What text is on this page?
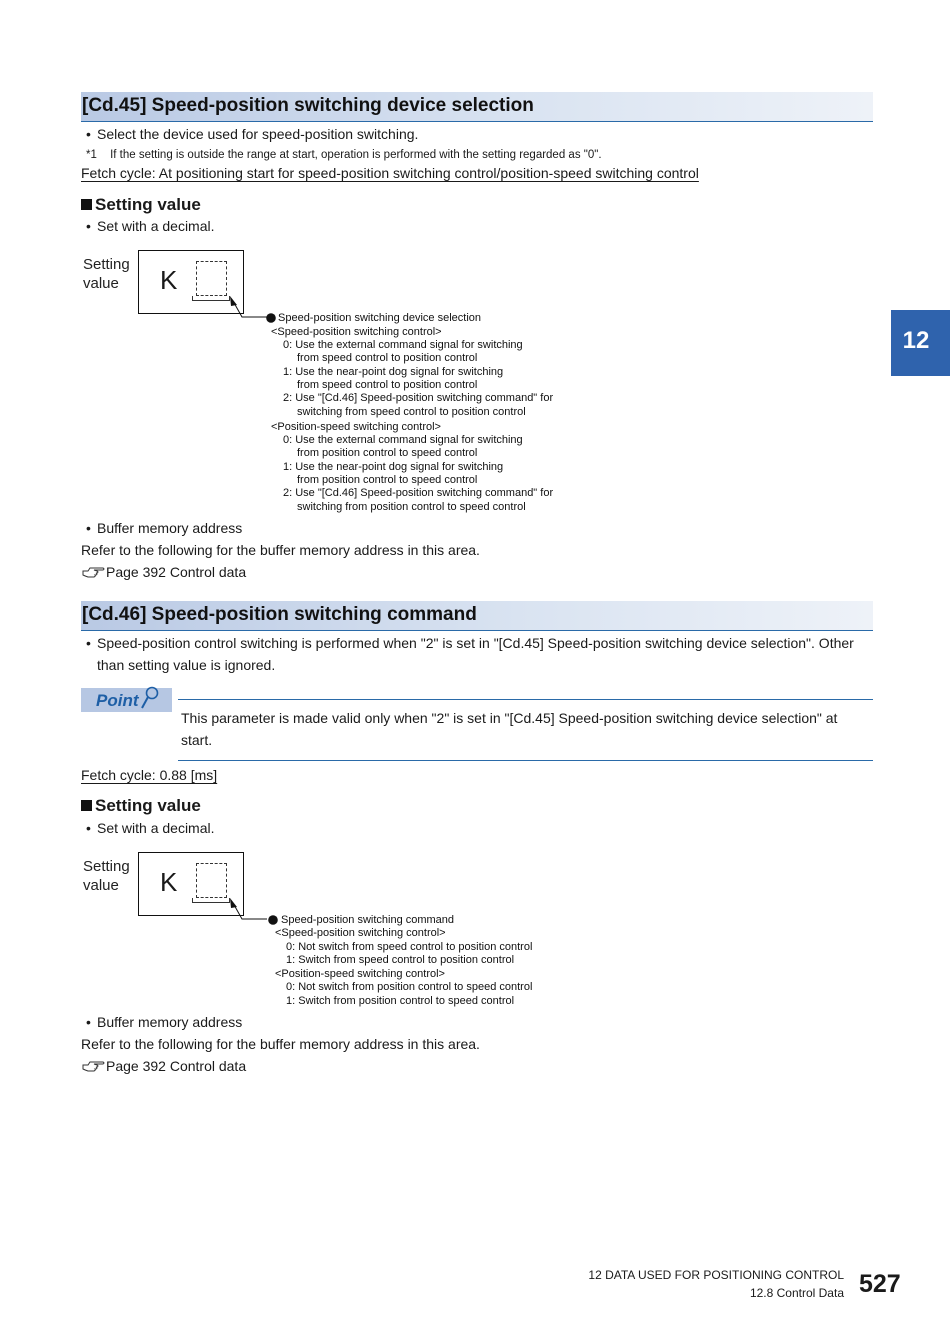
12
[Cd.45] Speed-position switching device selection
• Select the device used for speed-position switching.
*1 If the setting is outside the range at start, operation is performed with the setting regarded as "0".
Fetch cycle: At positioning start for speed-position switching control/position-speed switching control
Setting value
• Set with a decimal.
Setting
value	K
Speed-position switching device selection
<Speed-position switching control>
0: Use the external command signal for switching
from speed control to position control
1: Use the near-point dog signal for switching
from speed control to position control
2: Use "[Cd.46] Speed-position switching command" for
switching from speed control to position control
<Position-speed switching control>
0: Use the external command signal for switching
from position control to speed control
1: Use the near-point dog signal for switching
from position control to speed control
2: Use "[Cd.46] Speed-position switching command" for
switching from position control to speed control
• Buffer memory address
Refer to the following for the buffer memory address in this area.
Page 392 Control data
[Cd.46] Speed-position switching command
• Speed-position control switching is performed when "2" is set in "[Cd.45] Speed-position switching device selection". Other
than setting value is ignored.
Point
This parameter is made valid only when "2" is set in "[Cd.45] Speed-position switching device selection" at
start.
Fetch cycle: 0.88 [ms]
Setting value
• Set with a decimal.
Setting
value	K
Speed-position switching command
<Speed-position switching control>
0: Not switch from speed control to position control
1: Switch from speed control to position control
<Position-speed switching control>
0: Not switch from position control to speed control
1: Switch from position control to speed control
• Buffer memory address
Refer to the following for the buffer memory address in this area.
Page 392 Control data
12 DATA USED FOR POSITIONING CONTROL
12.8 Control Data 527
